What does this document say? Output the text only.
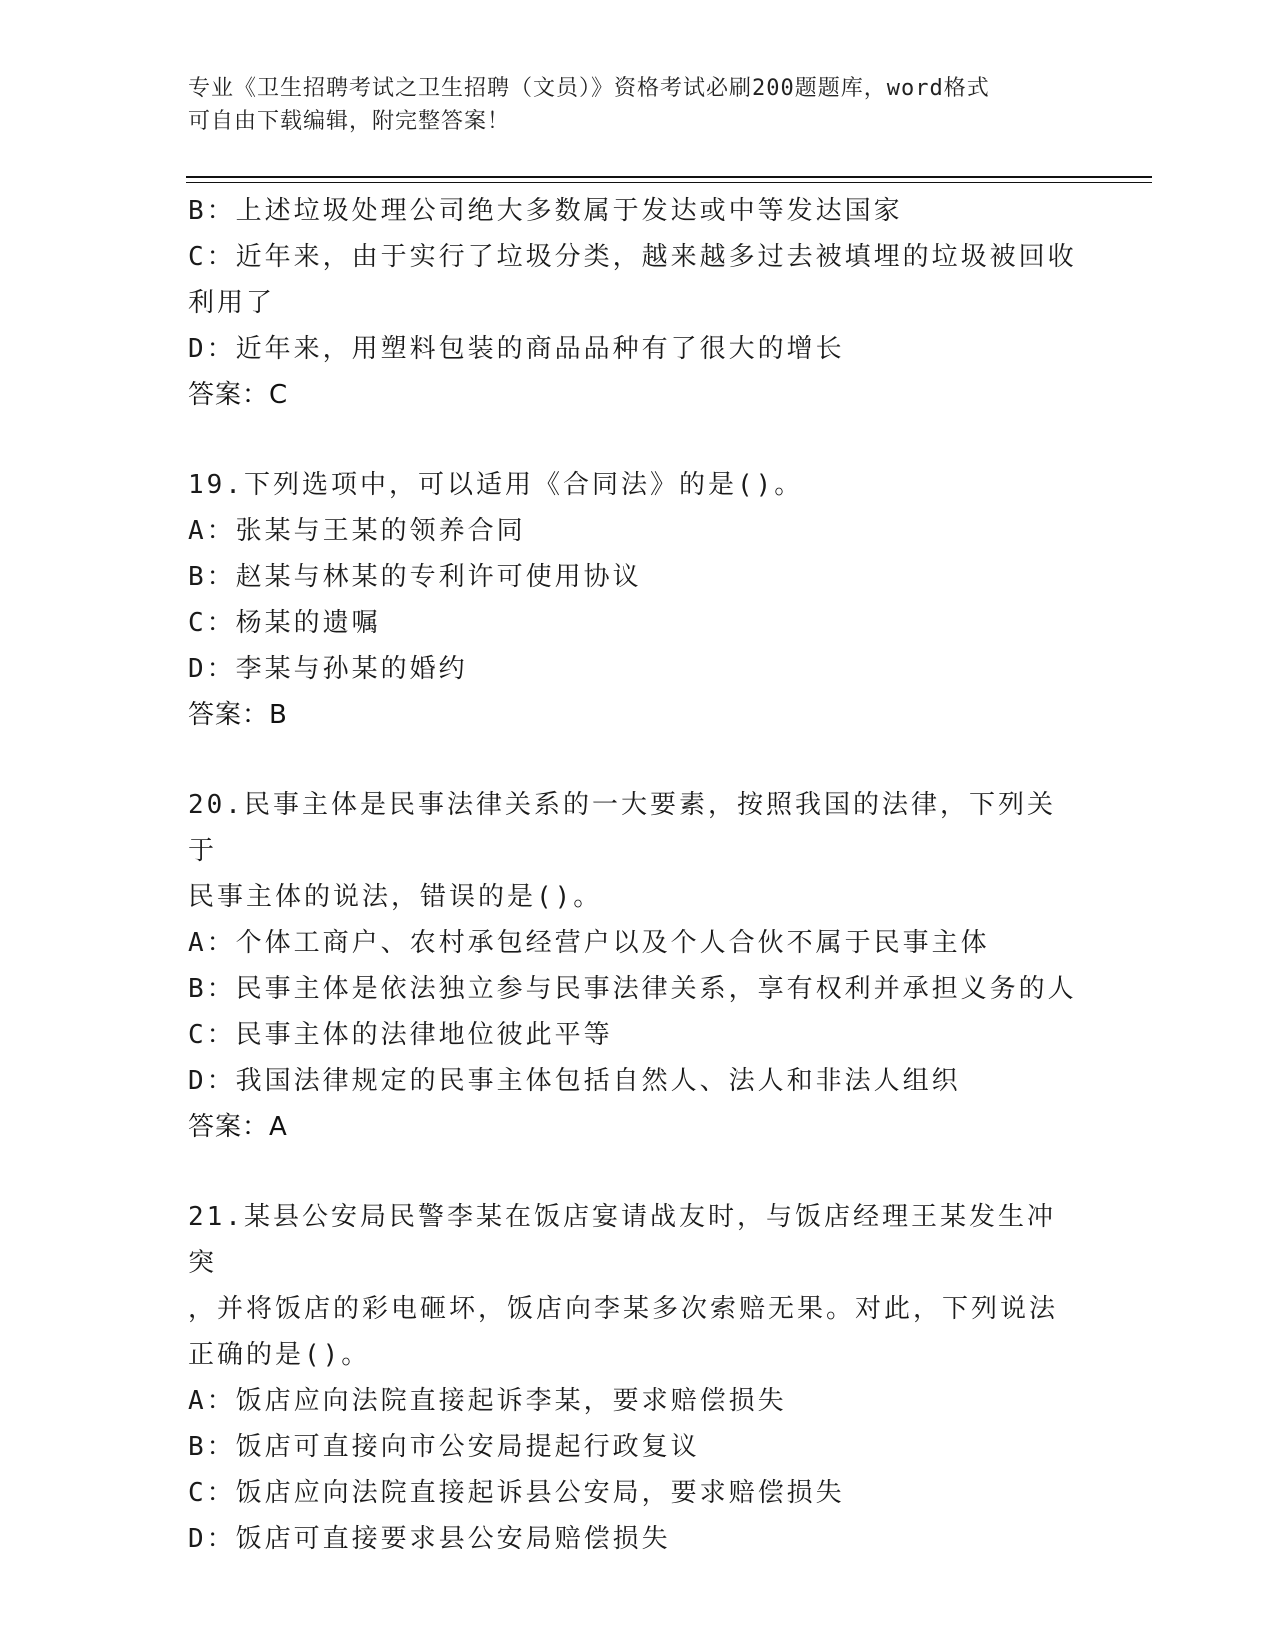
专业《卫生招聘考试之卫生招聘（文员）》资格考试必刷200题题库，word格式
可自由下载编辑，附完整答案！
B：上述垃圾处理公司绝大多数属于发达或中等发达国家
C：近年来，由于实行了垃圾分类，越来越多过去被填埋的垃圾被回收
利用了
D：近年来，用塑料包装的商品品种有了很大的增长
答案：C
19.下列选项中，可以适用《合同法》的是()。
A：张某与王某的领养合同
B：赵某与林某的专利许可使用协议
C：杨某的遗嘱
D：李某与孙某的婚约
答案：B
20.民事主体是民事法律关系的一大要素，按照我国的法律，下列关于
民事主体的说法，错误的是()。
A：个体工商户、农村承包经营户以及个人合伙不属于民事主体
B：民事主体是依法独立参与民事法律关系，享有权利并承担义务的人
C：民事主体的法律地位彼此平等
D：我国法律规定的民事主体包括自然人、法人和非法人组织
答案：A
21.某县公安局民警李某在饭店宴请战友时，与饭店经理王某发生冲突
，并将饭店的彩电砸坏，饭店向李某多次索赔无果。对此，下列说法
正确的是()。
A：饭店应向法院直接起诉李某，要求赔偿损失
B：饭店可直接向市公安局提起行政复议
C：饭店应向法院直接起诉县公安局，要求赔偿损失
D：饭店可直接要求县公安局赔偿损失
